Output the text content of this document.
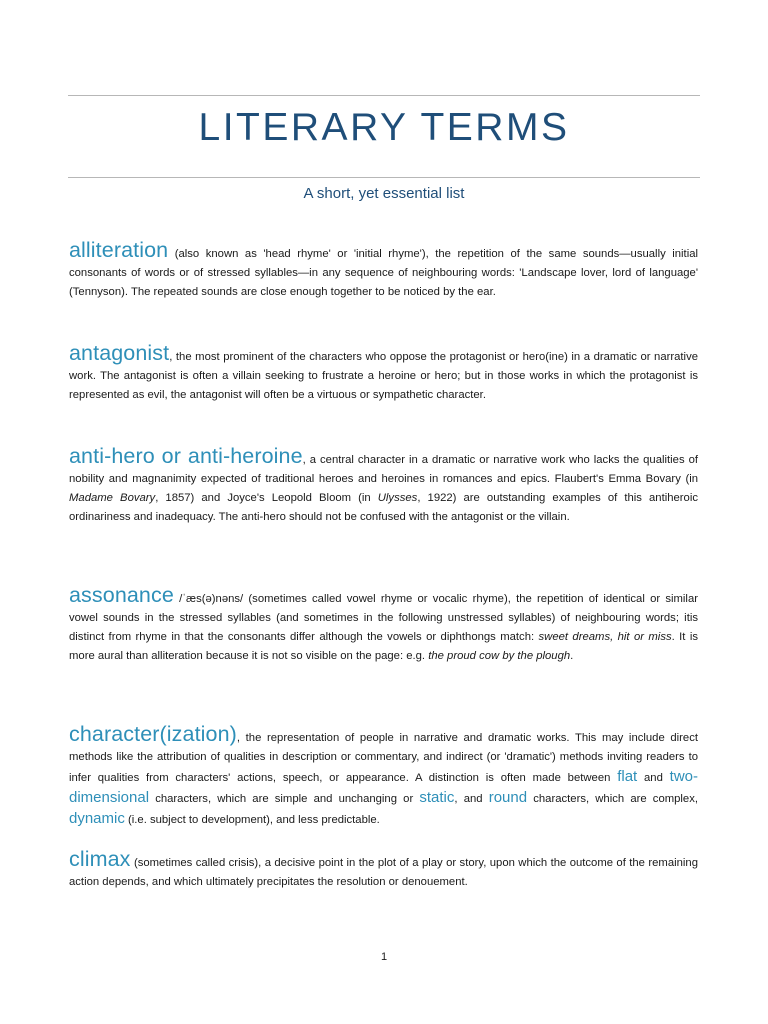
LITERARY TERMS

A short, yet essential list

alliteration (also known as 'head rhyme' or 'initial rhyme'), the repetition of the same sounds—usually initial consonants of words or of stressed syllables—in any sequence of neighbouring words: 'Landscape lover, lord of language' (Tennyson). The repeated sounds are close enough together to be noticed by the ear.

antagonist, the most prominent of the characters who oppose the protagonist or hero(ine) in a dramatic or narrative work. The antagonist is often a villain seeking to frustrate a heroine or hero; but in those works in which the protagonist is represented as evil, the antagonist will often be a virtuous or sympathetic character.

anti-hero or anti-heroine, a central character in a dramatic or narrative work who lacks the qualities of nobility and magnanimity expected of traditional heroes and heroines in romances and epics. Flaubert's Emma Bovary (in Madame Bovary, 1857) and Joyce's Leopold Bloom (in Ulysses, 1922) are outstanding examples of this antiheroic ordinariness and inadequacy. The anti-hero should not be confused with the antagonist or the villain.

assonance /ˈæs(ə)nəns/ (sometimes called vowel rhyme or vocalic rhyme), the repetition of identical or similar vowel sounds in the stressed syllables (and sometimes in the following unstressed syllables) of neighbouring words; itis distinct from rhyme in that the consonants differ although the vowels or diphthongs match: sweet dreams, hit or miss. It is more aural than alliteration because it is not so visible on the page: e.g. the proud cow by the plough.

character(ization), the representation of people in narrative and dramatic works. This may include direct methods like the attribution of qualities in description or commentary, and indirect (or 'dramatic') methods inviting readers to infer qualities from characters' actions, speech, or appearance. A distinction is often made between flat and two-dimensional characters, which are simple and unchanging or static, and round characters, which are complex, dynamic (i.e. subject to development), and less predictable.

climax (sometimes called crisis), a decisive point in the plot of a play or story, upon which the outcome of the remaining action depends, and which ultimately precipitates the resolution or denouement.

1
